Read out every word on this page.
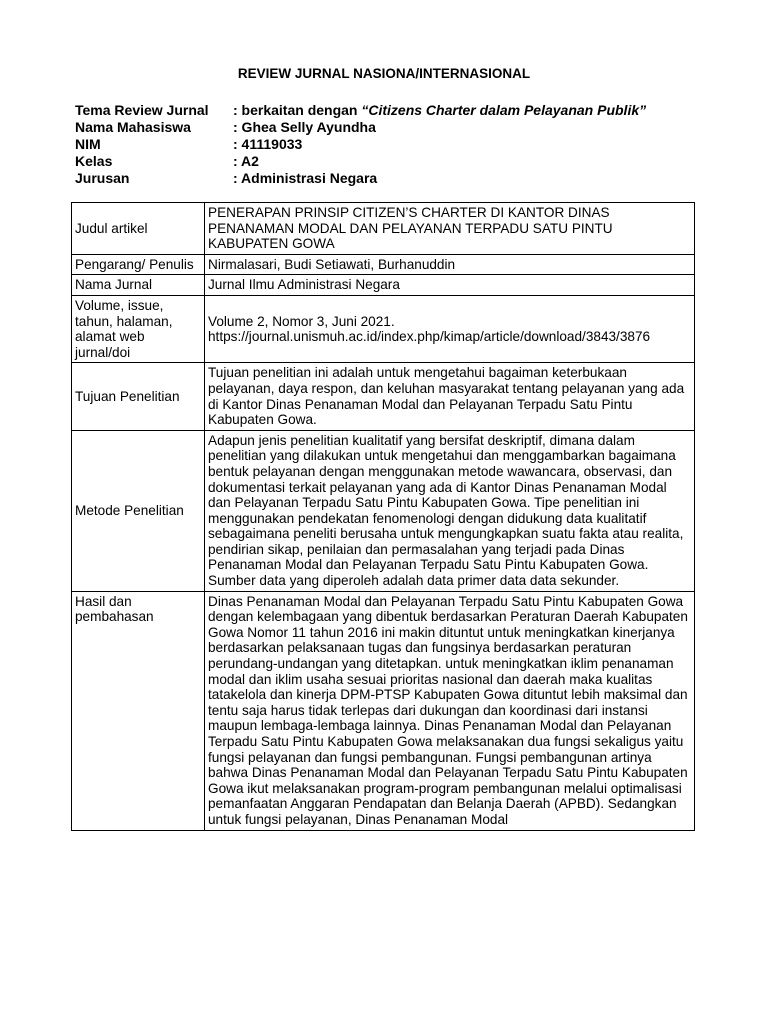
REVIEW JURNAL NASIONA/INTERNASIONAL
Tema Review Jurnal	: berkaitan dengan “Citizens Charter dalam Pelayanan Publik”
Nama Mahasiswa	: Ghea Selly Ayundha
NIM	: 41119033
Kelas	: A2
Jurusan	: Administrasi Negara
Judul artikel	PENERAPAN PRINSIP CITIZEN’S CHARTER DI KANTOR DINAS PENANAMAN MODAL DAN PELAYANAN TERPADU SATU PINTU KABUPATEN GOWA
Pengarang/ Penulis	Nirmalasari, Budi Setiawati, Burhanuddin
Nama Jurnal	Jurnal Ilmu Administrasi Negara
Volume, issue, tahun, halaman, alamat web jurnal/doi	Volume 2, Nomor 3, Juni 2021.
https://journal.unismuh.ac.id/index.php/kimap/article/download/3843/3876

Tujuan Penelitian	Tujuan penelitian ini adalah untuk mengetahui bagaiman keterbukaan pelayanan, daya respon, dan keluhan masyarakat tentang pelayanan yang ada di Kantor Dinas Penanaman Modal dan Pelayanan Terpadu Satu Pintu Kabupaten Gowa.
Metode Penelitian	Adapun jenis penelitian kualitatif yang bersifat deskriptif, dimana dalam penelitian yang dilakukan untuk mengetahui dan menggambarkan bagaimana bentuk pelayanan dengan menggunakan metode wawancara, observasi, dan dokumentasi terkait pelayanan yang ada di Kantor Dinas Penanaman Modal dan Pelayanan Terpadu Satu Pintu Kabupaten Gowa. Tipe penelitian ini menggunakan pendekatan fenomenologi dengan didukung data kualitatif sebagaimana peneliti berusaha untuk mengungkapkan suatu fakta atau realita, pendirian sikap, penilaian dan permasalahan yang terjadi pada Dinas Penanaman Modal dan Pelayanan Terpadu Satu Pintu Kabupaten Gowa. Sumber data yang diperoleh adalah data primer data data sekunder.
Hasil dan pembahasan	Dinas Penanaman Modal dan Pelayanan Terpadu Satu Pintu Kabupaten Gowa dengan kelembagaan yang dibentuk berdasarkan Peraturan Daerah Kabupaten Gowa Nomor 11 tahun 2016 ini makin dituntut untuk meningkatkan kinerjanya berdasarkan pelaksanaan tugas dan fungsinya berdasarkan peraturan perundang-undangan yang ditetapkan. untuk meningkatkan iklim penanaman modal dan iklim usaha sesuai prioritas nasional dan daerah maka kualitas tatakelola dan kinerja DPM-PTSP Kabupaten Gowa dituntut lebih maksimal dan tentu saja harus tidak terlepas dari dukungan dan koordinasi dari instansi maupun lembaga-lembaga lainnya. Dinas Penanaman Modal dan Pelayanan Terpadu Satu Pintu Kabupaten Gowa melaksanakan dua fungsi sekaligus yaitu fungsi pelayanan dan fungsi pembangunan. Fungsi pembangunan artinya bahwa Dinas Penanaman Modal dan Pelayanan Terpadu Satu Pintu Kabupaten Gowa ikut melaksanakan program-program pembangunan melalui optimalisasi pemanfaatan Anggaran Pendapatan dan Belanja Daerah (APBD). Sedangkan untuk fungsi pelayanan, Dinas Penanaman Modal
